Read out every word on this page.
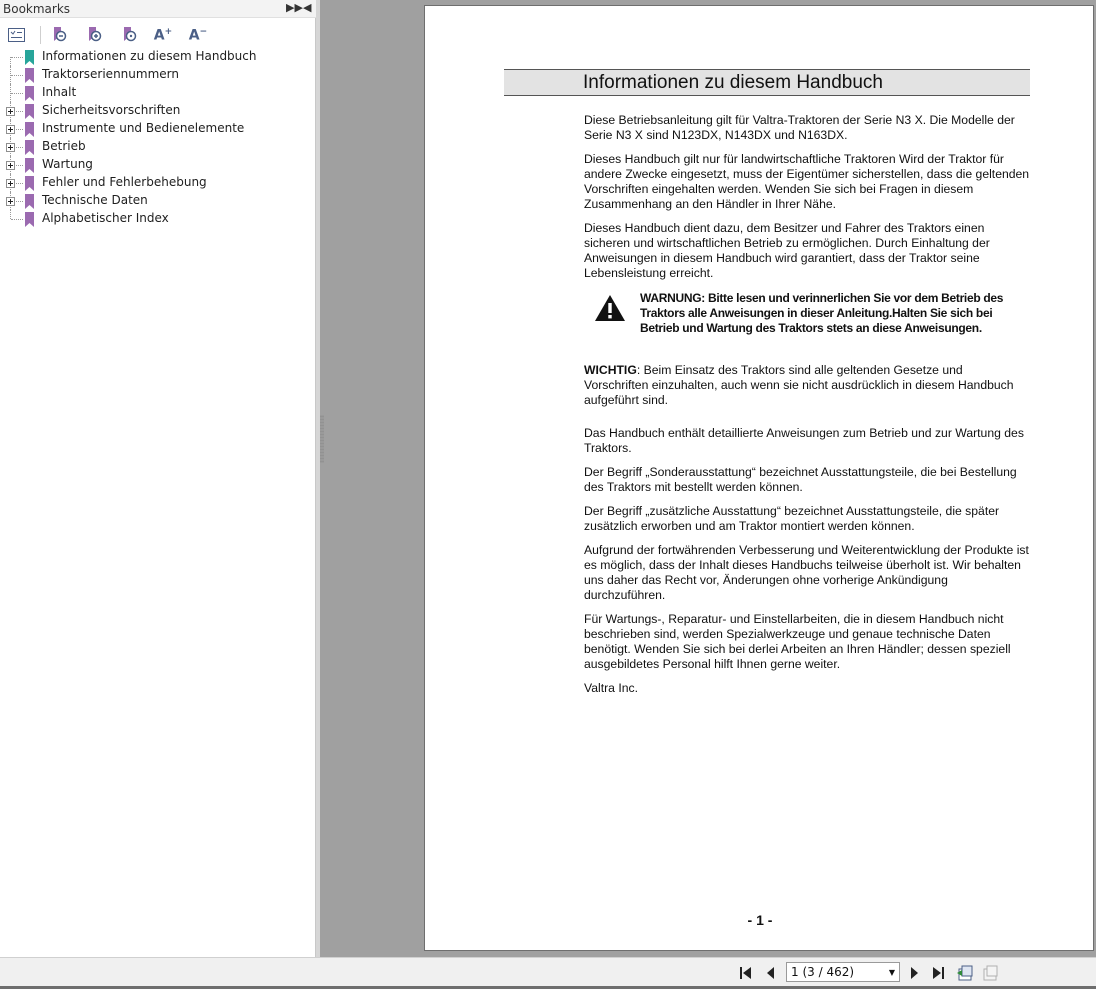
Bookmarks	▶▶ ◀
A+ A−
Informationen zu diesem Handbuch
Traktorseriennummern
Inhalt
Sicherheitsvorschriften
Instrumente und Bedienelemente
Betrieb
Wartung
Fehler und Fehlerbehebung
Technische Daten
Alphabetischer Index
Informationen zu diesem Handbuch

Diese Betriebsanleitung gilt für Valtra-Traktoren der Serie N3 X. Die Modelle der Serie N3 X sind N123DX, N143DX und N163DX.

Dieses Handbuch gilt nur für landwirtschaftliche Traktoren Wird der Traktor für andere Zwecke eingesetzt, muss der Eigentümer sicherstellen, dass die geltenden Vorschriften eingehalten werden. Wenden Sie sich bei Fragen in diesem Zusammenhang an den Händler in Ihrer Nähe.

Dieses Handbuch dient dazu, dem Besitzer und Fahrer des Traktors einen sicheren und wirtschaftlichen Betrieb zu ermöglichen. Durch Einhaltung der Anweisungen in diesem Handbuch wird garantiert, dass der Traktor seine Lebensleistung erreicht.

WARNUNG: Bitte lesen und verinnerlichen Sie vor dem Betrieb des Traktors alle Anweisungen in dieser Anleitung.Halten Sie sich bei Betrieb und Wartung des Traktors stets an diese Anweisungen.

WICHTIG: Beim Einsatz des Traktors sind alle geltenden Gesetze und Vorschriften einzuhalten, auch wenn sie nicht ausdrücklich in diesem Handbuch aufgeführt sind.

Das Handbuch enthält detaillierte Anweisungen zum Betrieb und zur Wartung des Traktors.

Der Begriff „Sonderausstattung“ bezeichnet Ausstattungsteile, die bei Bestellung des Traktors mit bestellt werden können.

Der Begriff „zusätzliche Ausstattung“ bezeichnet Ausstattungsteile, die später zusätzlich erworben und am Traktor montiert werden können.

Aufgrund der fortwährenden Verbesserung und Weiterentwicklung der Produkte ist es möglich, dass der Inhalt dieses Handbuchs teilweise überholt ist. Wir behalten uns daher das Recht vor, Änderungen ohne vorherige Ankündigung durchzuführen.

Für Wartungs-, Reparatur- und Einstellarbeiten, die in diesem Handbuch nicht beschrieben sind, werden Spezialwerkzeuge und genaue technische Daten benötigt. Wenden Sie sich bei derlei Arbeiten an Ihren Händler; dessen speziell ausgebildetes Personal hilft Ihnen gerne weiter.

Valtra Inc.

- 1 -
1 (3 / 462)	▼
